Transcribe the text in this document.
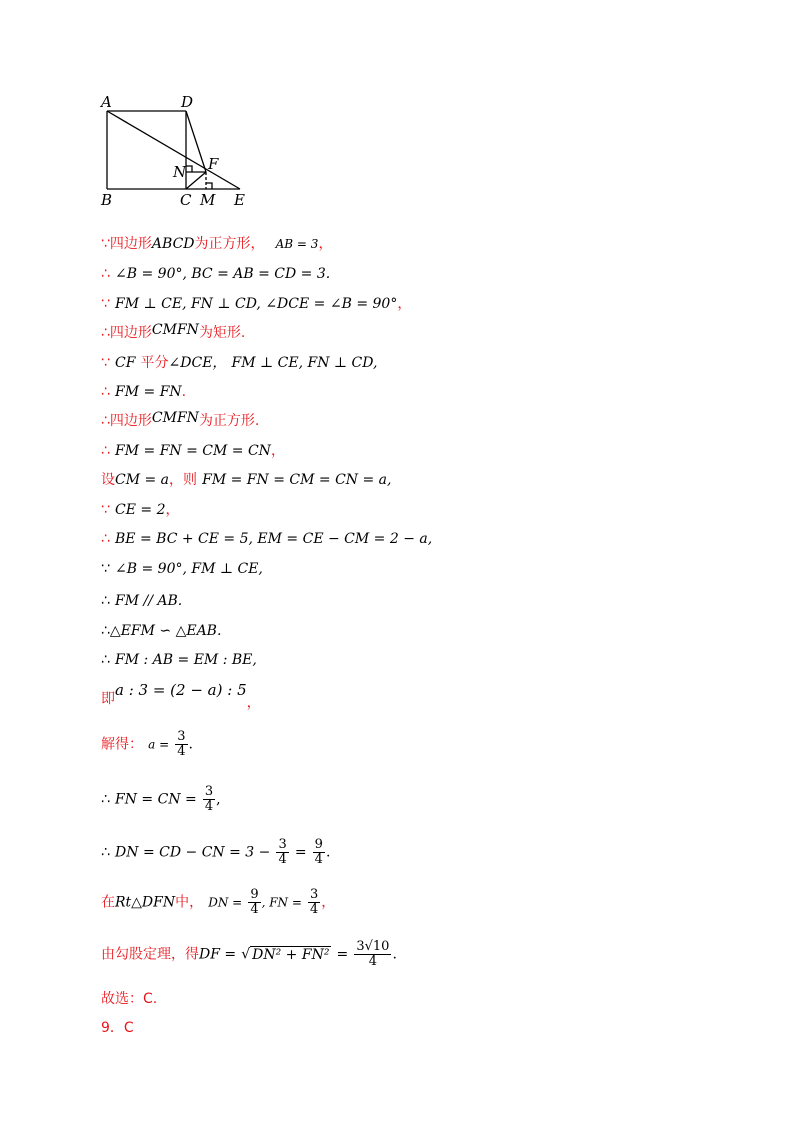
A	D
B	C M E
N F
∵四边形ABCD为正方形， AB = 3，
∴ ∠B = 90°, BC = AB = CD = 3.
∵ FM ⊥ CE, FN ⊥ CD, ∠DCE = ∠B = 90°，
∴四边形CMFN为矩形.
∵ CF 平分∠DCE， FM ⊥ CE, FN ⊥ CD,
∴ FM = FN.
∴四边形CMFN为正方形.
∴ FM = FN = CM = CN，
设CM = a，则 FM = FN = CM = CN = a,
∵ CE = 2，
∴ BE = BC + CE = 5, EM = CE − CM = 2 − a,
∵ ∠B = 90°, FM ⊥ CE,
∴ FM // AB.
∴△EFM ∽ △EAB.
∴ FM : AB = EM : BE,
即a : 3 = (2 − a) : 5，
解得： $a = \frac{3}{4}$ .
∴ FN = CN = $\frac{3}{4}$ ,
∴ DN = CD − CN = $3 - \frac{3}{4} = \frac{9}{4}$ .
在Rt△DFN中， DN = $\frac{9}{4}$ , FN = $\frac{3}{4}$ ，
由勾股定理，得DF = √ $DN^2 + FN^2 = \frac{3√10}{4}$ .
故选：C.
9．C
